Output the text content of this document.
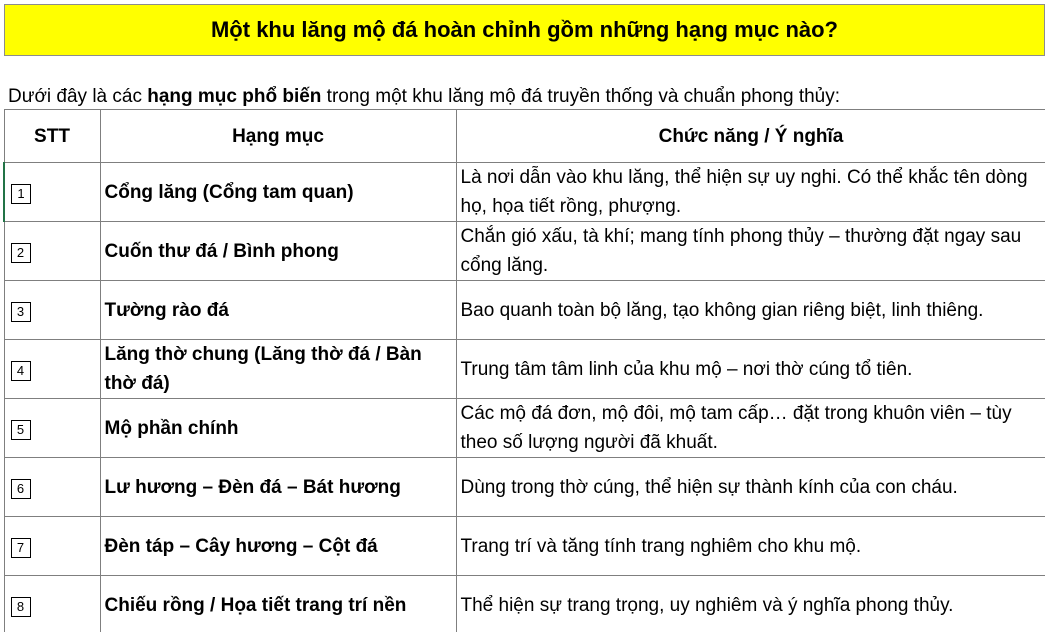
Một khu lăng mộ đá hoàn chỉnh gồm những hạng mục nào?
Dưới đây là các hạng mục phổ biến trong một khu lăng mộ đá truyền thống và chuẩn phong thủy:
STT	Hạng mục	Chức năng / Ý nghĩa
1	Cổng lăng (Cổng tam quan)	Là nơi dẫn vào khu lăng, thể hiện sự uy nghi. Có thể khắc tên dòng họ, họa tiết rồng, phượng.
2	Cuốn thư đá / Bình phong	Chắn gió xấu, tà khí; mang tính phong thủy – thường đặt ngay sau cổng lăng.
3	Tường rào đá	Bao quanh toàn bộ lăng, tạo không gian riêng biệt, linh thiêng.
4	Lăng thờ chung (Lăng thờ đá / Bàn thờ đá)	Trung tâm tâm linh của khu mộ – nơi thờ cúng tổ tiên.
5	Mộ phần chính	Các mộ đá đơn, mộ đôi, mộ tam cấp… đặt trong khuôn viên – tùy theo số lượng người đã khuất.
6	Lư hương – Đèn đá – Bát hương	Dùng trong thờ cúng, thể hiện sự thành kính của con cháu.
7	Đèn táp – Cây hương – Cột đá	Trang trí và tăng tính trang nghiêm cho khu mộ.
8	Chiếu rồng / Họa tiết trang trí nền	Thể hiện sự trang trọng, uy nghiêm và ý nghĩa phong thủy.
